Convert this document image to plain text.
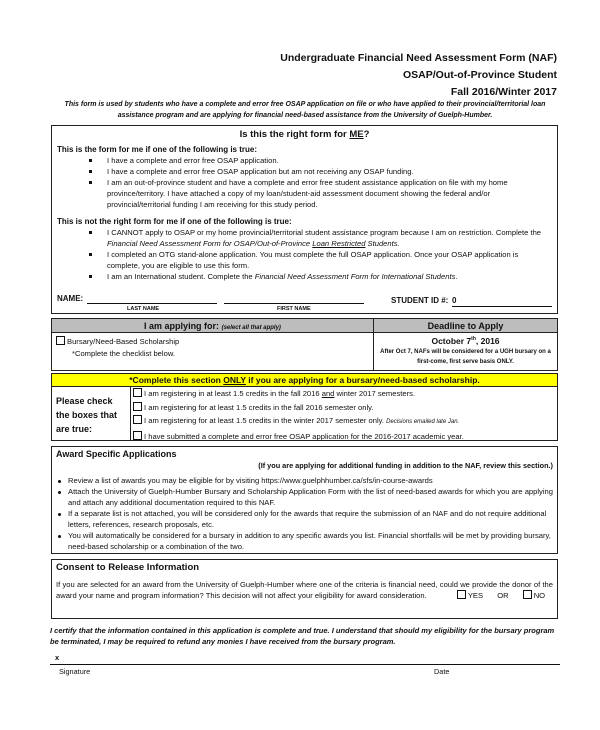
Undergraduate Financial Need Assessment Form (NAF)
OSAP/Out-of-Province Student
Fall 2016/Winter 2017
This form is used by students who have a complete and error free OSAP application on file or who have applied to their provincial/territorial loan assistance program and are applying for financial need-based assistance from the University of Guelph-Humber.
Is this the right form for ME?
This is the form for me if one of the following is true:
I have a complete and error free OSAP application.
I have a complete and error free OSAP application but am not receiving any OSAP funding.
I am an out-of-province student and have a complete and error free student assistance application on file with my home province/territory. I have attached a copy of my loan/student-aid assessment document showing the federal and/or provincial/territorial funding I am receiving for this study period.
This is not the right form for me if one of the following is true:
I CANNOT apply to OSAP or my home provincial/territorial student assistance program because I am on restriction. Complete the Financial Need Assessment Form for OSAP/Out-of-Province Loan Restricted Students.
I completed an OTG stand-alone application. You must complete the full OSAP application. Once your OSAP application is complete, you are eligible to use this form.
I am an International student. Complete the Financial Need Assessment Form for International Students.
NAME:
LAST NAME	FIRST NAME
STUDENT ID #: 0
I am applying for: (select all that apply)
Bursary/Need-Based Scholarship
*Complete the checklist below.
Deadline to Apply
October 7th, 2016
After Oct 7, NAFs will be considered for a UGH bursary on a first-come, first serve basis ONLY.
*Complete this section ONLY if you are applying for a bursary/need-based scholarship.
Please check the boxes that are true:
I am registering in at least 1.5 credits in the fall 2016 and winter 2017 semesters.
I am registering for at least 1.5 credits in the fall 2016 semester only.
I am registering for at least 1.5 credits in the winter 2017 semester only. Decisions emailed late Jan.
I have submitted a complete and error free OSAP application for the 2016-2017 academic year.
Award Specific Applications
(If you are applying for additional funding in addition to the NAF, review this section.)
Review a list of awards you may be eligible for by visiting https://www.guelphhumber.ca/sfs/in-course-awards
Attach the University of Guelph-Humber Bursary and Scholarship Application Form with the list of need-based awards for which you are applying and attach any additional documentation required to this NAF.
If a separate list is not attached, you will be considered only for the awards that require the submission of an NAF and do not require additional letters, references, research proposals, etc.
You will automatically be considered for a bursary in addition to any specific awards you list. Financial shortfalls will be met by providing bursary, need-based scholarship or a combination of the two.
Consent to Release Information
If you are selected for an award from the University of Guelph-Humber where one of the criteria is financial need, could we provide the donor of the award your name and program information? This decision will not affect your eligibility for award consideration.	YES OR	NO
I certify that the information contained in this application is complete and true. I understand that should my eligibility for the bursary program be terminated, I may be required to refund any monies I have received from the bursary program.
x
Signature	Date
